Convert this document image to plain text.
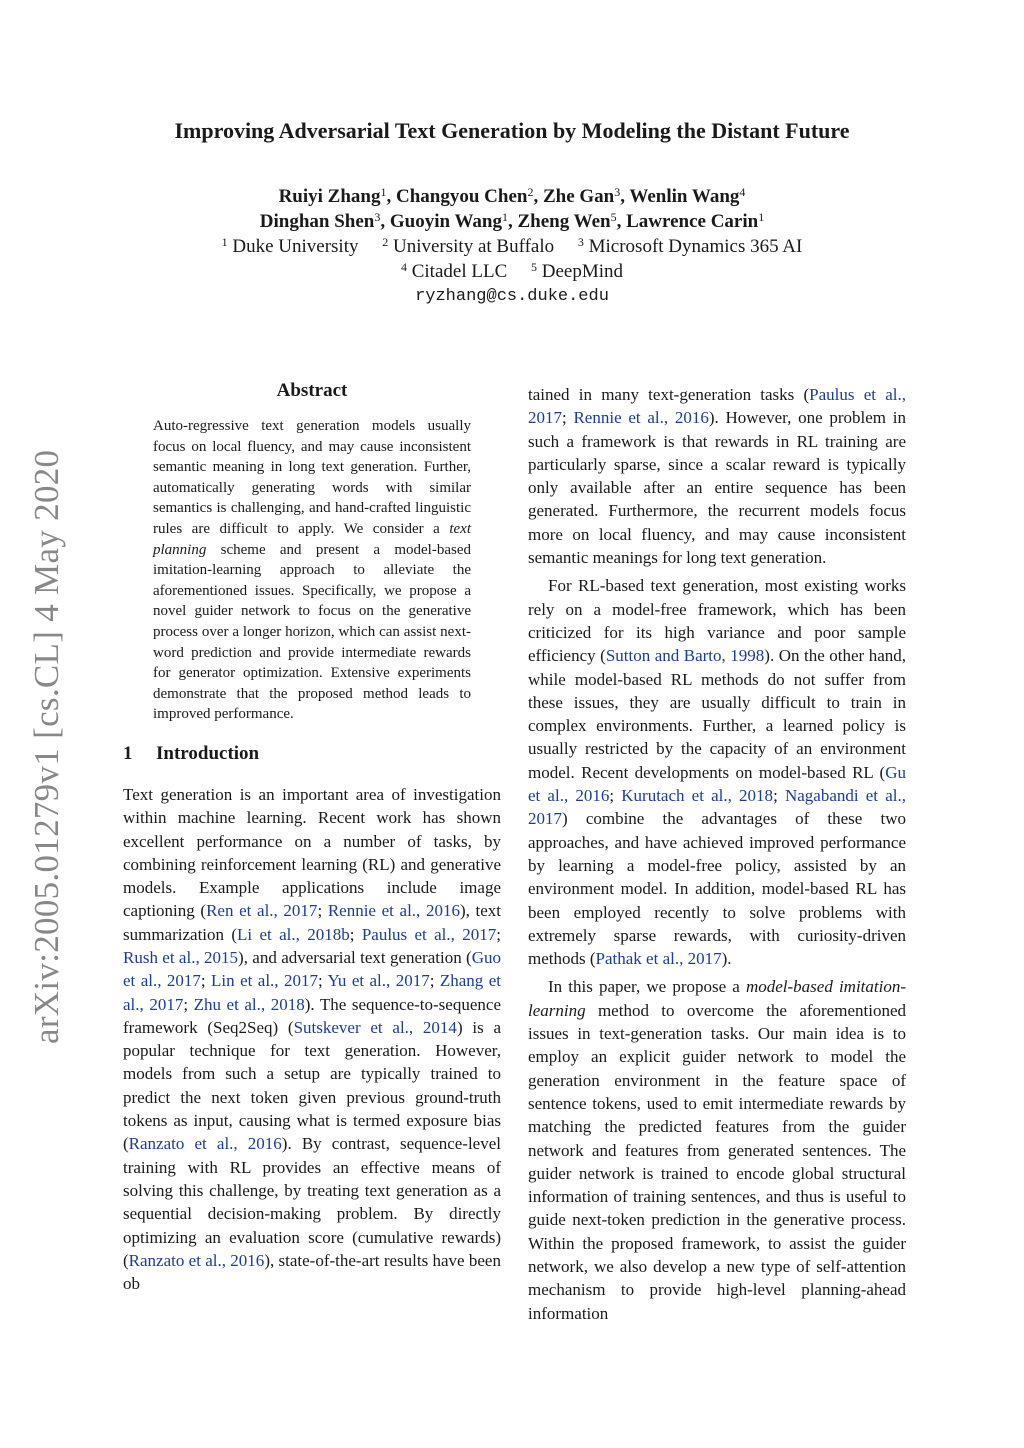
arXiv:2005.01279v1 [cs.CL] 4 May 2020
Improving Adversarial Text Generation by Modeling the Distant Future
Ruiyi Zhang$^1$, Changyou Chen$^2$, Zhe Gan$^3$, Wenlin Wang$^4$
Dinghan Shen$^3$, Guoyin Wang$^1$, Zheng Wen$^5$, Lawrence Carin$^1$
$^1$ Duke University $^2$ University at Buffalo $^3$ Microsoft Dynamics 365 AI
$^4$ Citadel LLC $^5$ DeepMind
ryzhang@cs.duke.edu
Abstract

Auto-regressive text generation models usually focus on local fluency, and may cause inconsistent semantic meaning in long text generation. Further, automatically generating words with similar semantics is challenging, and hand-crafted linguistic rules are difficult to apply. We consider a text planning scheme and present a model-based imitation-learning approach to alleviate the aforementioned issues. Specifically, we propose a novel guider network to focus on the generative process over a longer horizon, which can assist next-word prediction and provide intermediate rewards for generator optimization. Extensive experiments demonstrate that the proposed method leads to improved performance.

1 Introduction

Text generation is an important area of investigation within machine learning. Recent work has shown excellent performance on a number of tasks, by combining reinforcement learning (RL) and generative models. Example applications include image captioning (Ren et al., 2017; Rennie et al., 2016), text summarization (Li et al., 2018b; Paulus et al., 2017; Rush et al., 2015), and adversarial text generation (Guo et al., 2017; Lin et al., 2017; Yu et al., 2017; Zhang et al., 2017; Zhu et al., 2018). The sequence-to-sequence framework (Seq2Seq) (Sutskever et al., 2014) is a popular technique for text generation. However, models from such a setup are typically trained to predict the next token given previous ground-truth tokens as input, causing what is termed exposure bias (Ranzato et al., 2016). By contrast, sequence-level training with RL provides an effective means of solving this challenge, by treating text generation as a sequential decision-making problem. By directly optimizing an evaluation score (cumulative rewards) (Ranzato et al., 2016), state-of-the-art results have been ob

tained in many text-generation tasks (Paulus et al., 2017; Rennie et al., 2016). However, one problem in such a framework is that rewards in RL training are particularly sparse, since a scalar reward is typically only available after an entire sequence has been generated. Furthermore, the recurrent models focus more on local fluency, and may cause inconsistent semantic meanings for long text generation.

For RL-based text generation, most existing works rely on a model-free framework, which has been criticized for its high variance and poor sample efficiency (Sutton and Barto, 1998). On the other hand, while model-based RL methods do not suffer from these issues, they are usually difficult to train in complex environments. Further, a learned policy is usually restricted by the capacity of an environment model. Recent developments on model-based RL (Gu et al., 2016; Kurutach et al., 2018; Nagabandi et al., 2017) combine the advantages of these two approaches, and have achieved improved performance by learning a model-free policy, assisted by an environment model. In addition, model-based RL has been employed recently to solve problems with extremely sparse rewards, with curiosity-driven methods (Pathak et al., 2017).

In this paper, we propose a model-based imitation-learning method to overcome the aforementioned issues in text-generation tasks. Our main idea is to employ an explicit guider network to model the generation environment in the feature space of sentence tokens, used to emit intermediate rewards by matching the predicted features from the guider network and features from generated sentences. The guider network is trained to encode global structural information of training sentences, and thus is useful to guide next-token prediction in the generative process. Within the proposed framework, to assist the guider network, we also develop a new type of self-attention mechanism to provide high-level planning-ahead information
